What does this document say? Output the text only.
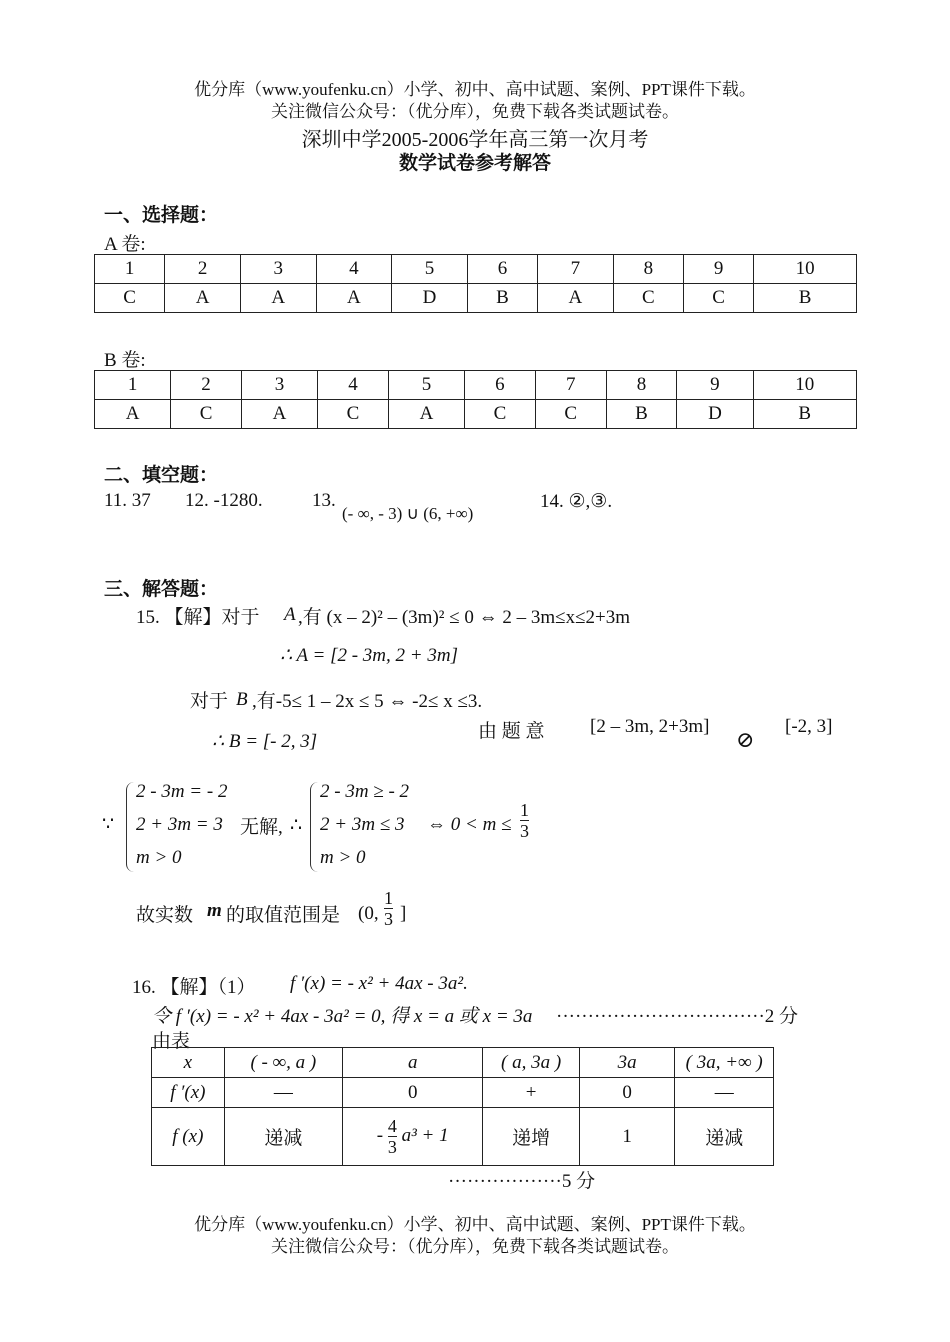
优分库（www.youfenku.cn）小学、初中、高中试题、案例、PPT课件下载。
关注微信公众号：（优分库），免费下载各类试题试卷。
深圳中学2005-2006学年高三第一次月考
数学试卷参考解答
一、选择题：
A 卷:
1	2	3	4	5	6	7	8	9	10
C	A	A	A	D	B	A	C	C	B
B 卷:
1	2	3	4	5	6	7	8	9	10
A	C	A	C	A	C	C	B	D	B
二、填空题：
11. 37 12. -1280.	13.
(- ∞, - 3) ∪ (6, +∞)
14. ②,③.
三、解答题：
15. 【解】对于 A ,有 (x – 2)² – (3m)² ≤ 0 ⇔ 2 – 3m≤x≤2+3m
∴ A = [2 - 3m, 2 + 3m]
对于 B ,有-5≤ 1 – 2x ≤ 5 ⇔ -2≤ x ≤3.
由 题 意 [2 – 3m, 2+3m]
⊘
[-2, 3]
∴ B = [- 2, 3]
∵
2 - 3m = - 2
2 + 3m = 3
m > 0
无解, ∴
2 - 3m ≥ - 2
2 + 3m ≤ 3
m > 0
⇔ $0 < m \le \frac{1}{3}$
故实数 m 的取值范围是 (0, $\frac{1}{3}$ ]
16. 【解】（1） f ′(x) = - x² + 4ax - 3a².
令 f ′(x) = - x² + 4ax - 3a² = 0, 得 x = a 或 x = 3a ·································2 分
由表
x	( - ∞, a )	a	( a, 3a )	3a	( 3a, +∞ )
f ′(x)	—	0	+	0	—
f (x)	递减	- $\frac{4}{3} a^3 + 1$	递增	1	递减
··················5 分
优分库（www.youfenku.cn）小学、初中、高中试题、案例、PPT课件下载。
关注微信公众号：（优分库），免费下载各类试题试卷。
